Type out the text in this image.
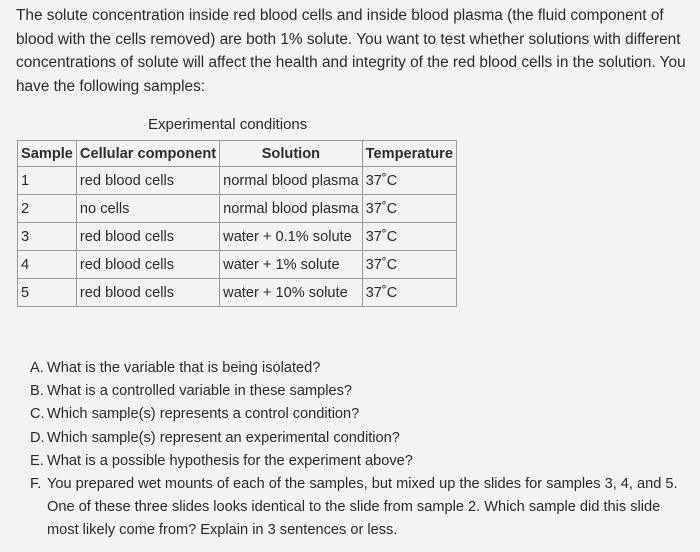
The solute concentration inside red blood cells and inside blood plasma (the fluid component of blood with the cells removed) are both 1% solute. You want to test whether solutions with different concentrations of solute will affect the health and integrity of the red blood cells in the solution. You have the following samples:
Experimental conditions
Sample	Cellular component	Solution	Temperature
1	red blood cells	normal blood plasma	37˚C
2	no cells	normal blood plasma	37˚C
3	red blood cells	water + 0.1% solute	37˚C
4	red blood cells	water + 1% solute	37˚C
5	red blood cells	water + 10% solute	37˚C
A. What is the variable that is being isolated?
B. What is a controlled variable in these samples?
C. Which sample(s) represents a control condition?
D. Which sample(s) represent an experimental condition?
E. What is a possible hypothesis for the experiment above?
F. You prepared wet mounts of each of the samples, but mixed up the slides for samples 3, 4, and 5. One of these three slides looks identical to the slide from sample 2. Which sample did this slide most likely come from? Explain in 3 sentences or less.
